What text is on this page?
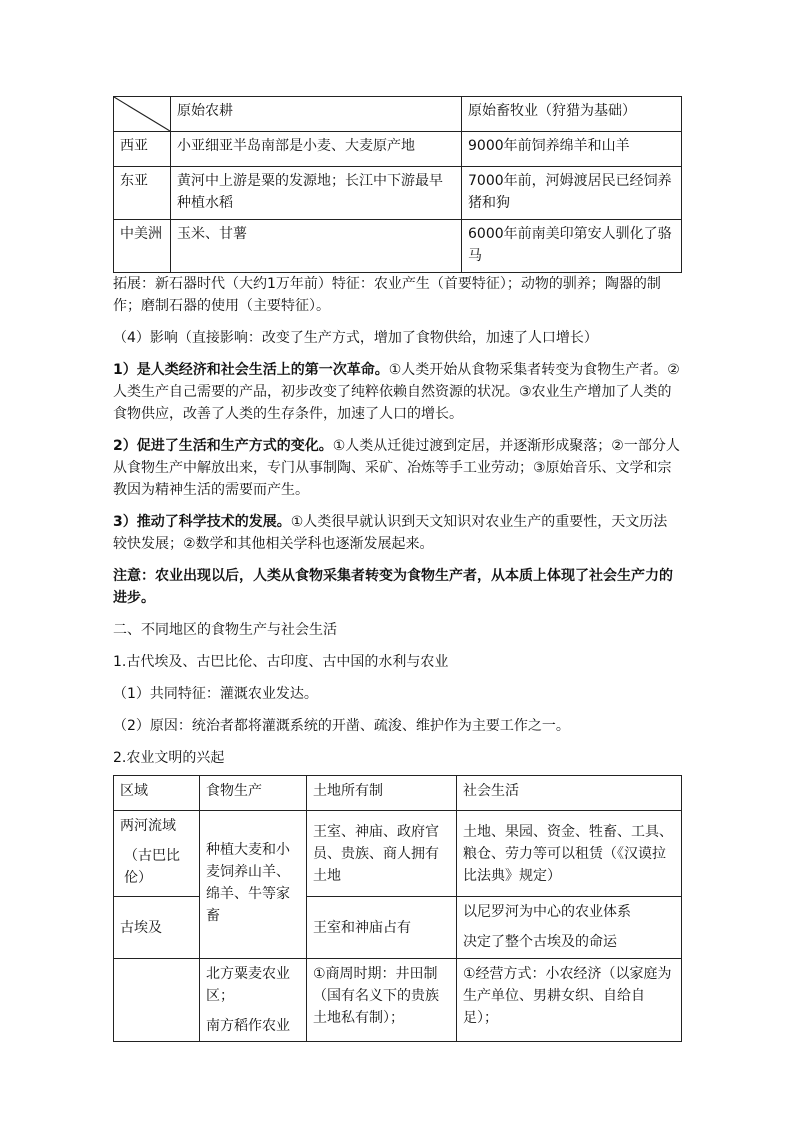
	原始农耕	原始畜牧业（狩猎为基础）
西亚	小亚细亚半岛南部是小麦、大麦原产地	9000年前饲养绵羊和山羊
东亚	黄河中上游是粟的发源地；长江中下游最早种植水稻	7000年前，河姆渡居民已经饲养猪和狗
中美洲	玉米、甘薯	6000年前南美印第安人驯化了骆马

拓展：新石器时代（大约1万年前）特征：农业产生（首要特征）；动物的驯养；陶器的制作；磨制石器的使用（主要特征）。

（4）影响（直接影响：改变了生产方式，增加了食物供给，加速了人口增长）

1）是人类经济和社会生活上的第一次革命。①人类开始从食物采集者转变为食物生产者。②人类生产自己需要的产品，初步改变了纯粹依赖自然资源的状况。③农业生产增加了人类的食物供应，改善了人类的生存条件，加速了人口的增长。

2）促进了生活和生产方式的变化。①人类从迁徙过渡到定居，并逐渐形成聚落；②一部分人从食物生产中解放出来，专门从事制陶、采矿、冶炼等手工业劳动；③原始音乐、文学和宗教因为精神生活的需要而产生。

3）推动了科学技术的发展。①人类很早就认识到天文知识对农业生产的重要性，天文历法较快发展；②数学和其他相关学科也逐渐发展起来。

注意：农业出现以后，人类从食物采集者转变为食物生产者，从本质上体现了社会生产力的进步。

二、不同地区的食物生产与社会生活

1.古代埃及、古巴比伦、古印度、古中国的水利与农业

（1）共同特征：灌溉农业发达。

（2）原因：统治者都将灌溉系统的开凿、疏浚、维护作为主要工作之一。

2.农业文明的兴起

区域	食物生产	土地所有制	社会生活

两河流域

（古巴比伦）	种植大麦和小麦饲养山羊、绵羊、牛等家畜	王室、神庙、政府官员、贵族、商人拥有土地	土地、果园、资金、牲畜、工具、粮仓、劳力等可以租赁（《汉谟拉比法典》规定）
古埃及		王室和神庙占有	以尼罗河为中心的农业体系

决定了整个古埃及的命运

	北方粟麦农业区；

南方稻作农业	①商周时期：井田制（国有名义下的贵族土地私有制）；	①经营方式：小农经济（以家庭为生产单位、男耕女织、自给自足）；
